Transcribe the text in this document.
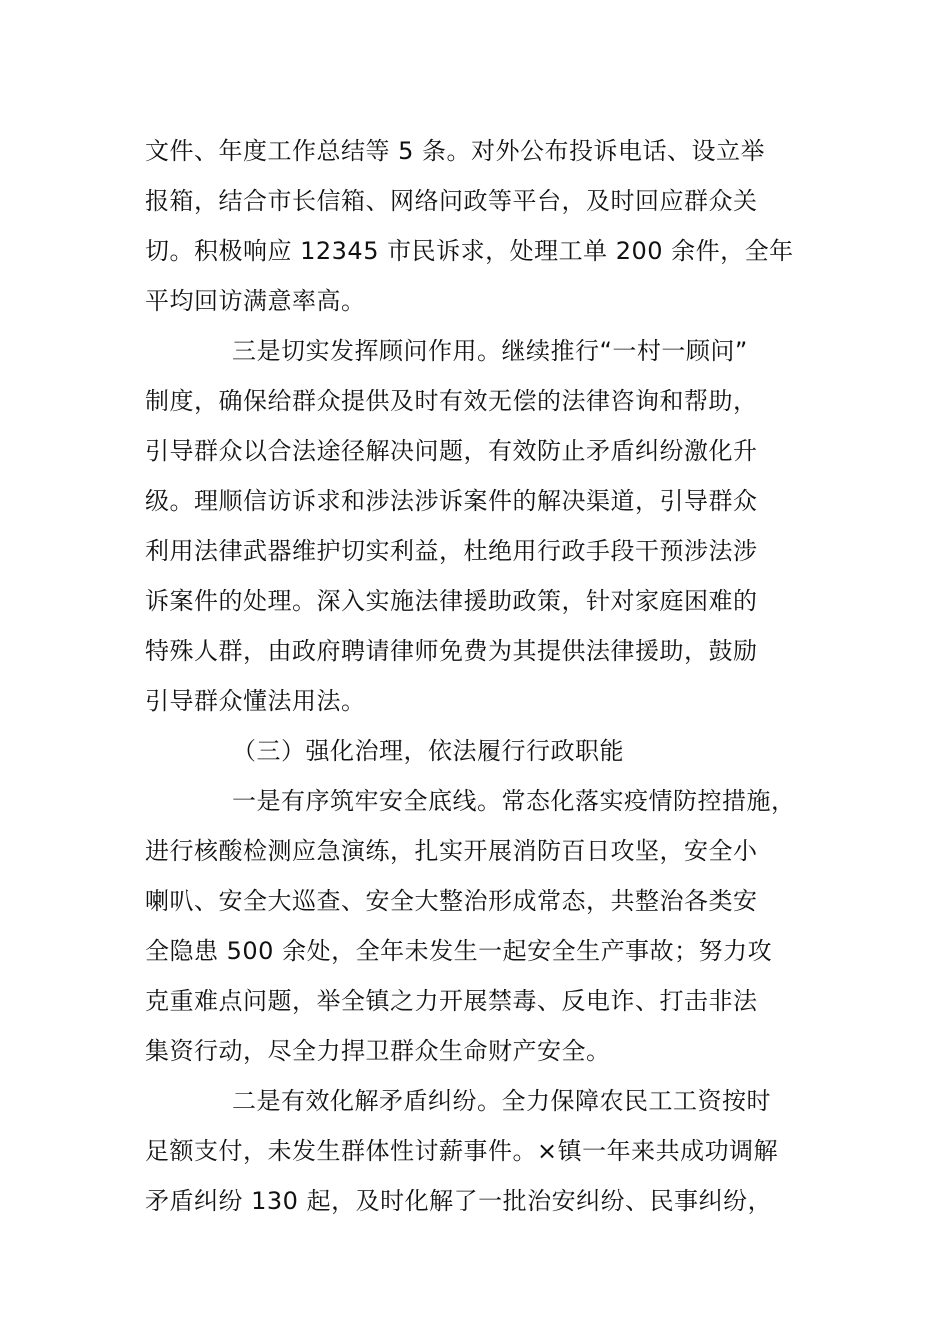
文件、年度工作总结等 5 条。对外公布投诉电话、设立举
报箱，结合市长信箱、网络问政等平台，及时回应群众关
切。积极响应 12345 市民诉求，处理工单 200 余件，全年
平均回访满意率高。
三是切实发挥顾问作用。继续推行“一村一顾问”
制度，确保给群众提供及时有效无偿的法律咨询和帮助，
引导群众以合法途径解决问题，有效防止矛盾纠纷激化升
级。理顺信访诉求和涉法涉诉案件的解决渠道，引导群众
利用法律武器维护切实利益，杜绝用行政手段干预涉法涉
诉案件的处理。深入实施法律援助政策，针对家庭困难的
特殊人群，由政府聘请律师免费为其提供法律援助，鼓励
引导群众懂法用法。
（三）强化治理，依法履行行政职能
一是有序筑牢安全底线。常态化落实疫情防控措施，
进行核酸检测应急演练，扎实开展消防百日攻坚，安全小
喇叭、安全大巡查、安全大整治形成常态，共整治各类安
全隐患 500 余处，全年未发生一起安全生产事故；努力攻
克重难点问题，举全镇之力开展禁毒、反电诈、打击非法
集资行动，尽全力捍卫群众生命财产安全。
二是有效化解矛盾纠纷。全力保障农民工工资按时
足额支付，未发生群体性讨薪事件。×镇一年来共成功调解
矛盾纠纷 130 起，及时化解了一批治安纠纷、民事纠纷，
